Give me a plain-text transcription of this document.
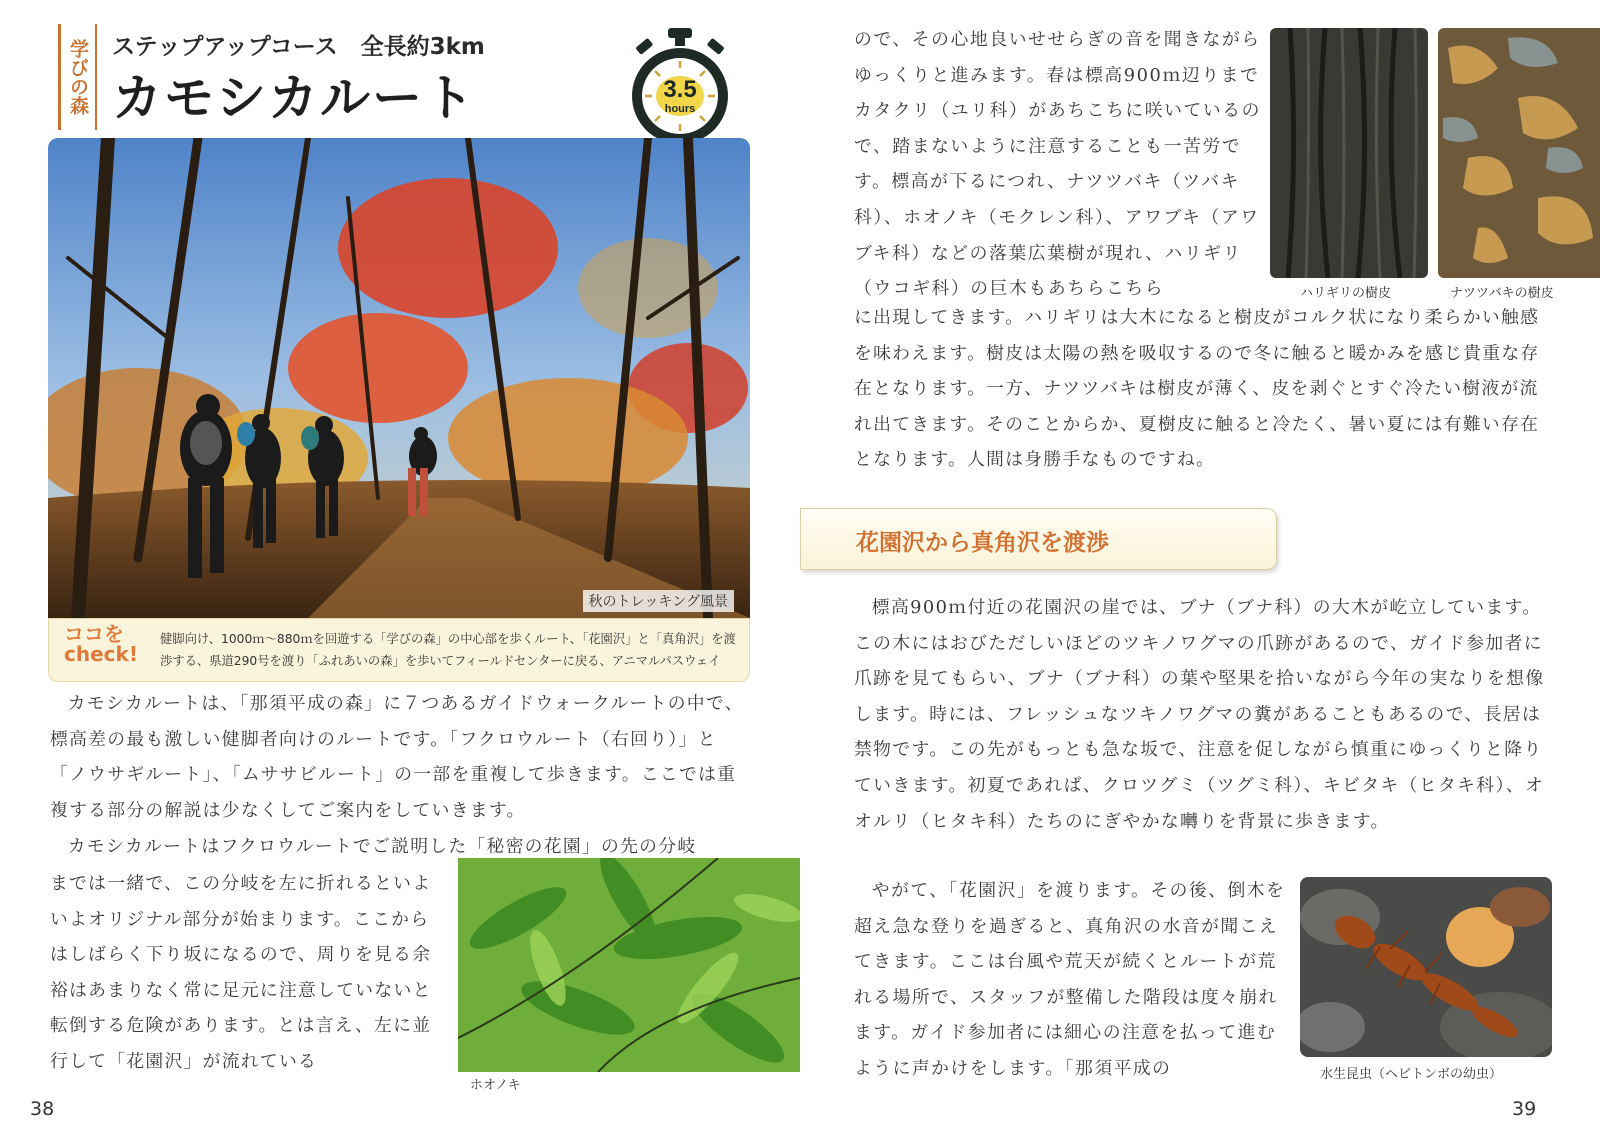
学びの森	ステップアップコース　全長約3km
カモシカルート	3.5
hours
秋のトレッキング風景
ココを
check!
健脚向け、1000ｍ～880ｍを回遊する「学びの森」の中心部を歩くルート、「花園沢」と「真角沢」を渡渉する、県道290号を渡り「ふれあいの森」を歩いてフィールドセンターに戻る、アニマルパスウェイ
カモシカルートは、「那須平成の森」に７つあるガイドウォークルートの中で、標高差の最も激しい健脚者向けのルートです。「フクロウルート（右回り）」と「ノウサギルート」、「ムササビルート」の一部を重複して歩きます。ここでは重複する部分の解説は少なくしてご案内をしていきます。
カモシカルートはフクロウルートでご説明した「秘密の花園」の先の分岐
までは一緒で、この分岐を左に折れるといよいよオリジナル部分が始まります。ここからはしばらく下り坂になるので、周りを見る余裕はあまりなく常に足元に注意していないと転倒する危険があります。とは言え、左に並行して「花園沢」が流れている
ホオノキ
38
ので、その心地良いせせらぎの音を聞きながらゆっくりと進みます。春は標高900ｍ辺りまでカタクリ（ユリ科）があちこちに咲いているので、踏まないように注意することも一苦労です。標高が下るにつれ、ナツツバキ（ツバキ科）、ホオノキ（モクレン科）、アワブキ（アワブキ科）などの落葉広葉樹が現れ、ハリギリ（ウコギ科）の巨木もあちらこちら	ハリギリの樹皮	ナツツバキの樹皮
に出現してきます。ハリギリは大木になると樹皮がコルク状になり柔らかい触感を味わえます。樹皮は太陽の熱を吸収するので冬に触ると暖かみを感じ貴重な存在となります。一方、ナツツバキは樹皮が薄く、皮を剥ぐとすぐ冷たい樹液が流れ出てきます。そのことからか、夏樹皮に触ると冷たく、暑い夏には有難い存在となります。人間は身勝手なものですね。
花園沢から真角沢を渡渉
標高900ｍ付近の花園沢の崖では、ブナ（ブナ科）の大木が屹立しています。この木にはおびただしいほどのツキノワグマの爪跡があるので、ガイド参加者に爪跡を見てもらい、ブナ（ブナ科）の葉や堅果を拾いながら今年の実なりを想像します。時には、フレッシュなツキノワグマの糞があることもあるので、長居は禁物です。この先がもっとも急な坂で、注意を促しながら慎重にゆっくりと降りていきます。初夏であれば、クロツグミ（ツグミ科）、キビタキ（ヒタキ科）、オオルリ（ヒタキ科）たちのにぎやかな囀りを背景に歩きます。
やがて、「花園沢」を渡ります。その後、倒木を超え急な登りを過ぎると、真角沢の水音が聞こえてきます。ここは台風や荒天が続くとルートが荒れる場所で、スタッフが整備した階段は度々崩れます。ガイド参加者には細心の注意を払って進むように声かけをします。「那須平成の	水生昆虫（ヘビトンボの幼虫）
39
